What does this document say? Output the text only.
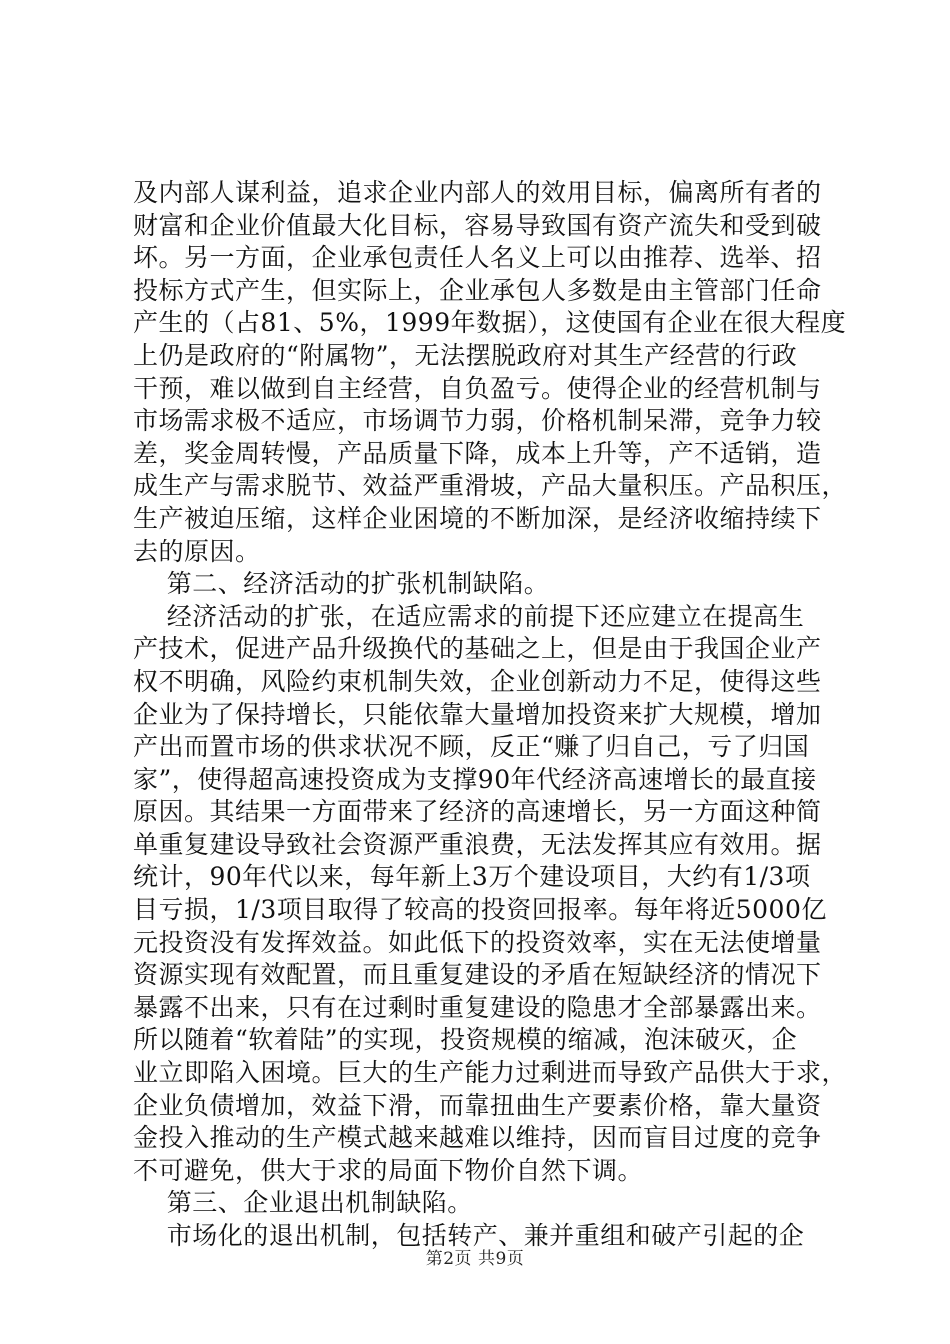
及内部人谋利益，追求企业内部人的效用目标，偏离所有者的
财富和企业价值最大化目标，容易导致国有资产流失和受到破
坏。另一方面，企业承包责任人名义上可以由推荐、选举、招
投标方式产生，但实际上，企业承包人多数是由主管部门任命
产生的（占81、5%，1999年数据），这使国有企业在很大程度
上仍是政府的“附属物”，无法摆脱政府对其生产经营的行政
干预，难以做到自主经营，自负盈亏。使得企业的经营机制与
市场需求极不适应，市场调节力弱，价格机制呆滞，竞争力较
差，奖金周转慢，产品质量下降，成本上升等，产不适销，造
成生产与需求脱节、效益严重滑坡，产品大量积压。产品积压，
生产被迫压缩，这样企业困境的不断加深，是经济收缩持续下
去的原因。
第二、经济活动的扩张机制缺陷。
经济活动的扩张，在适应需求的前提下还应建立在提高生
产技术，促进产品升级换代的基础之上，但是由于我国企业产
权不明确，风险约束机制失效，企业创新动力不足，使得这些
企业为了保持增长，只能依靠大量增加投资来扩大规模，增加
产出而置市场的供求状况不顾，反正“赚了归自己，亏了归国
家”，使得超高速投资成为支撑90年代经济高速增长的最直接
原因。其结果一方面带来了经济的高速增长，另一方面这种简
单重复建设导致社会资源严重浪费，无法发挥其应有效用。据
统计，90年代以来，每年新上3万个建设项目，大约有1/3项
目亏损，1/3项目取得了较高的投资回报率。每年将近5000亿
元投资没有发挥效益。如此低下的投资效率，实在无法使增量
资源实现有效配置，而且重复建设的矛盾在短缺经济的情况下
暴露不出来，只有在过剩时重复建设的隐患才全部暴露出来。
所以随着“软着陆”的实现，投资规模的缩减，泡沫破灭，企
业立即陷入困境。巨大的生产能力过剩进而导致产品供大于求，
企业负债增加，效益下滑，而靠扭曲生产要素价格，靠大量资
金投入推动的生产模式越来越难以维持，因而盲目过度的竞争
不可避免，供大于求的局面下物价自然下调。
第三、企业退出机制缺陷。
市场化的退出机制，包括转产、兼并重组和破产引起的企
第2页 共9页
